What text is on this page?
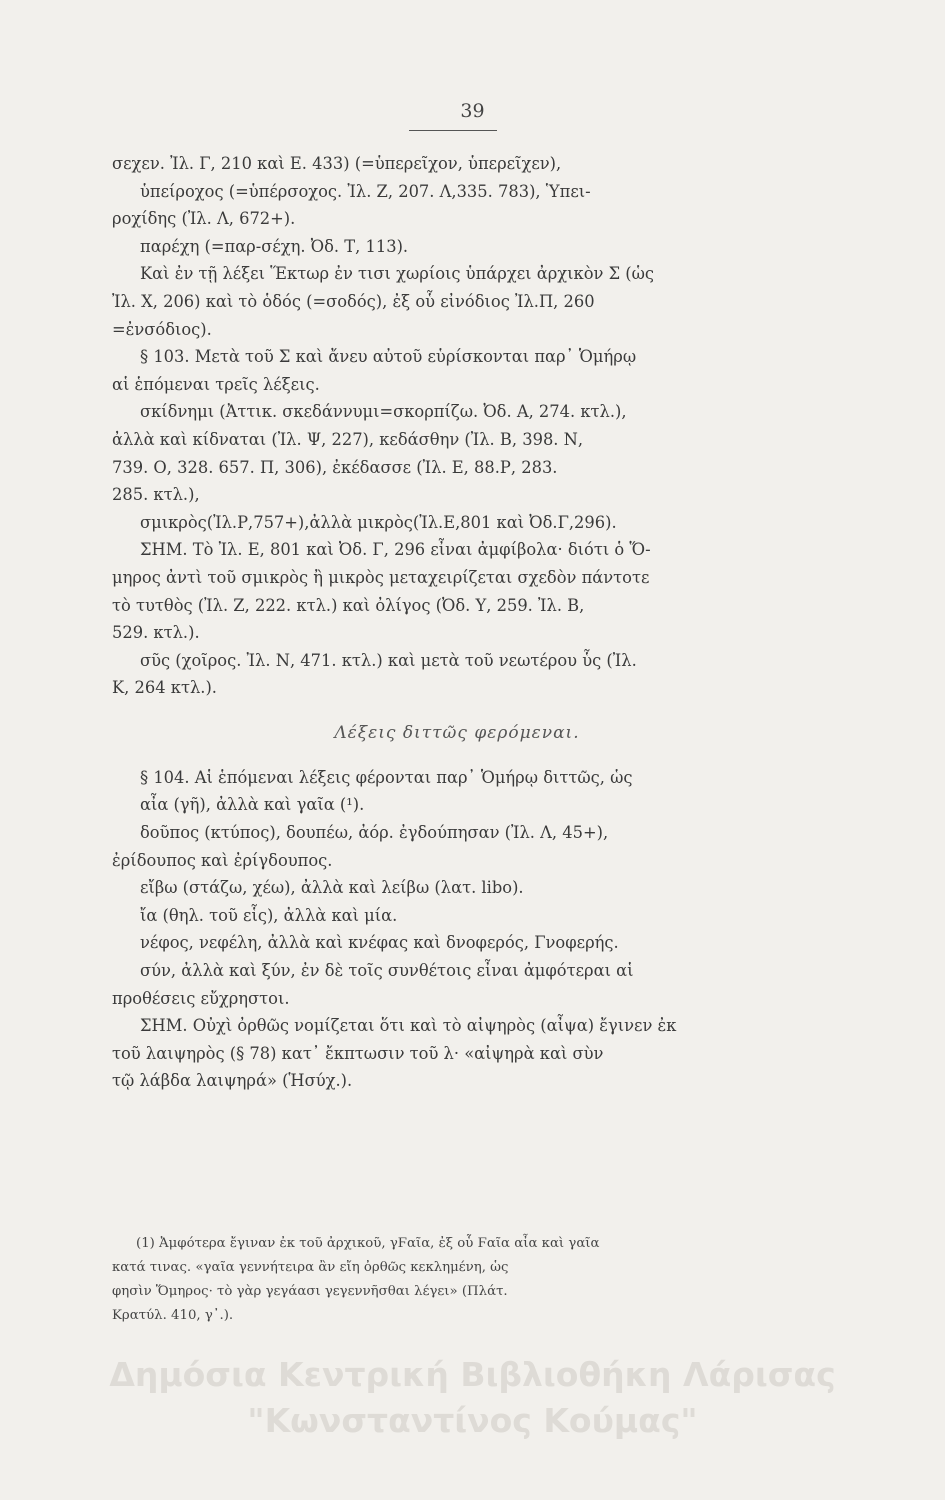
39
σεχεν. Ἰλ. Γ, 210 καὶ Ε. 433) (=ὑπερεῖχον, ὑπερεῖχεν),
ὑπείροχος (=ὑπέρσοχος. Ἰλ. Ζ, 207. Λ,335. 783), Ὑπει-
ροχίδης (Ἰλ. Λ, 672+).
παρέχη (=παρ-σέχη. Ὀδ. Τ, 113).
Καὶ ἐν τῇ λέξει Ἕκτωρ ἐν τισι χωρίοις ὑπάρχει ἀρχικὸν Σ (ὡς
Ἰλ. Χ, 206) καὶ τὸ ὁδός (=σοδός), ἐξ οὗ εἰνόδιος Ἰλ.Π, 260
=ἐνσόδιος).
§ 103. Μετὰ τοῦ Σ καὶ ἄνευ αὐτοῦ εὑρίσκονται παρ᾽ Ὁμήρῳ
αἱ ἑπόμεναι τρεῖς λέξεις.
σκίδνημι (Ἀττικ. σκεδάννυμι=σκορπίζω. Ὀδ. Α, 274. κτλ.),
ἀλλὰ καὶ κίδναται (Ἰλ. Ψ, 227), κεδάσθην (Ἰλ. Β, 398. Ν,
739. Ο, 328. 657. Π, 306), ἐκέδασσε (Ἰλ. Ε, 88.Ρ, 283.
285. κτλ.),
σμικρὸς(Ἰλ.Ρ,757+),ἀλλὰ μικρὸς(Ἰλ.Ε,801 καὶ Ὀδ.Γ,296).
ΣΗΜ. Τὸ Ἰλ. Ε, 801 καὶ Ὀδ. Γ, 296 εἶναι ἀμφίβολα· διότι ὁ Ὅ-
μηρος ἀντὶ τοῦ σμικρὸς ἢ μικρὸς μεταχειρίζεται σχεδὸν πάντοτε
τὸ τυτθὸς (Ἰλ. Ζ, 222. κτλ.) καὶ ὀλίγος (Ὀδ. Υ, 259. Ἰλ. Β,
529. κτλ.).
σῦς (χοῖρος. Ἰλ. Ν, 471. κτλ.) καὶ μετὰ τοῦ νεωτέρου ὗς (Ἰλ.
Κ, 264 κτλ.).
Λέξεις διττῶς φερόμεναι.
§ 104. Αἱ ἑπόμεναι λέξεις φέρονται παρ᾽ Ὁμήρῳ διττῶς, ὡς
αἶα (γῆ), ἀλλὰ καὶ γαῖα (¹).
δοῦπος (κτύπος), δουπέω, ἀόρ. ἐγδούπησαν (Ἰλ. Λ, 45+),
ἐρίδουπος καὶ ἐρίγδουπος.
εἴβω (στάζω, χέω), ἀλλὰ καὶ λείβω (λατ. libo).
ἴα (θηλ. τοῦ εἷς), ἀλλὰ καὶ μία.
νέφος, νεφέλη, ἀλλὰ καὶ κνέφας καὶ δνοφερός, Γνοφερής.
σύν, ἀλλὰ καὶ ξύν, ἐν δὲ τοῖς συνθέτοις εἶναι ἀμφότεραι αἱ
προθέσεις εὔχρηστοι.
ΣΗΜ. Οὐχὶ ὀρθῶς νομίζεται ὅτι καὶ τὸ αἰψηρὸς (αἶψα) ἔγινεν ἐκ
τοῦ λαιψηρὸς (§ 78) κατ᾽ ἔκπτωσιν τοῦ λ· «αἰψηρὰ καὶ σὺν
τῷ λάβδα λαιψηρά» (Ἡσύχ.).
(1) Ἀμφότερα ἔγιναν ἐκ τοῦ ἀρχικοῦ, γϜαῖα, ἐξ οὗ Ϝαῖα αἶα καὶ γαῖα
κατά τινας. «γαῖα γεννήτειρα ἂν εἴη ὀρθῶς κεκλημένη, ὡς
φησὶν Ὅμηρος· τὸ γὰρ γεγάασι γεγεννῆσθαι λέγει» (Πλάτ.
Κρατύλ. 410, γ᾽.).
Δημόσια Κεντρική Βιβλιοθήκη Λάρισας
"Κωνσταντίνος Κούμας"
